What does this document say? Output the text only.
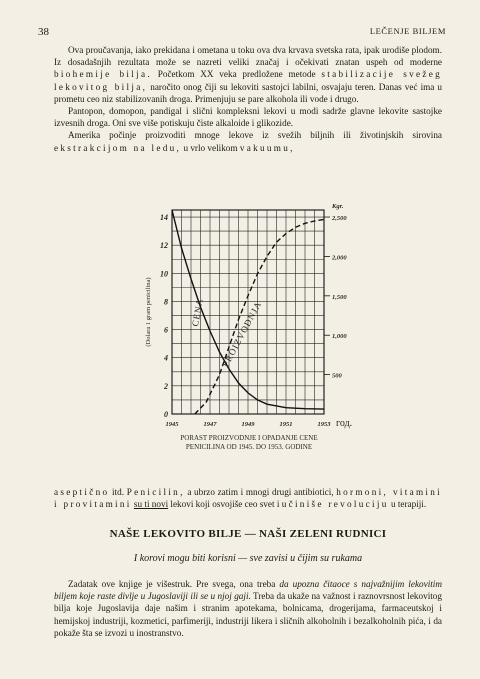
38	LEČENJE BILJEM

Ova proučavanja, iako prekidana i ometana u toku ova dva krvava svetska rata, ipak urodiše plodom. Iz dosadašnjih rezultata može se nazreti veliki značaj i očekivati znatan uspeh od moderne biohemije bilja. Početkom XX veka predložene metode stabilizacije svežeg lekovitog bilja, naročito onog čiji su lekoviti sastojci labilni, osvajaju teren. Danas već ima u prometu ceo niz stabilizovanih droga. Primenjuju se pare alkohola ili vode i drugo.

Pantopon, domopon, pandigal i slični kompleksni lekovi u modi sadrže glavne lekovite sastojke izvesnih droga. Oni sve više potiskuju čiste alkaloide i glikozide.

Amerika počinje proizvoditi mnoge lekove iz svežih biljnih ili životinjskih sirovina ekstrakcijom na ledu, u vrlo velikom vakuumu,

0
2
4
6
8
10
12
14
500
1,000
1,500
2,000
2,500
Kgr.
1945	1947	1949	1951	1953 год.
(Dolara 1 gram penicilina)	CENA PROIZVODNJA
PORAST PROIZVODNJE I OPADANJE CENE
PENICILINA OD 1945. DO 1953. GODINE

aseptično itd. Penicilin, a ubrzo zatim i mnogi drugi antibiotici, hormoni, vitamini i provitamini su ti novi lekovi koji osvojiše ceo svet i učiniše revoluciju u terapiji.

NAŠE LEKOVITO BILJE — NAŠI ZELENI RUDNICI
I korovi mogu biti korisni — sve zavisi u čijim su rukama

Zadatak ove knjige je višestruk. Pre svega, ona treba da upozna čitaoce s najvažnijim lekovitim biljem koje raste divlje u Jugoslaviji ili se u njoj gaji. Treba da ukaže na važnost i raznovrsnost lekovitog bilja koje Jugoslavija daje našim i stranim apotekama, bolnicama, drogerijama, farmaceutskoj i hemijskoj industriji, kozmetici, parfimeriji, industriji likera i sličnih alkoholnih i bezalkoholnih pića, i da pokaže šta se izvozi u inostranstvo.
